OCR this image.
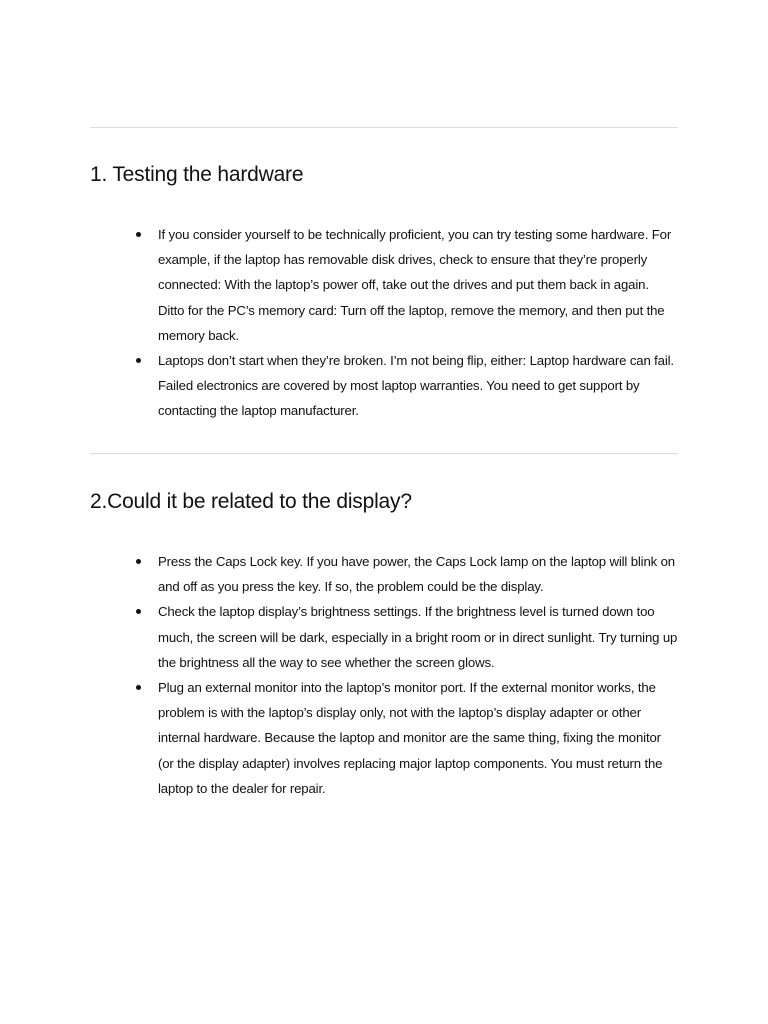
1. Testing the hardware
If you consider yourself to be technically proficient, you can try testing some hardware. For example, if the laptop has removable disk drives, check to ensure that they’re properly connected: With the laptop’s power off, take out the drives and put them back in again. Ditto for the PC’s memory card: Turn off the laptop, remove the memory, and then put the memory back.
Laptops don’t start when they’re broken. I’m not being flip, either: Laptop hardware can fail. Failed electronics are covered by most laptop warranties. You need to get support by contacting the laptop manufacturer.
2.Could it be related to the display?
Press the Caps Lock key. If you have power, the Caps Lock lamp on the laptop will blink on and off as you press the key. If so, the problem could be the display.
Check the laptop display’s brightness settings. If the brightness level is turned down too much, the screen will be dark, especially in a bright room or in direct sunlight. Try turning up the brightness all the way to see whether the screen glows.
Plug an external monitor into the laptop’s monitor port. If the external monitor works, the problem is with the laptop’s display only, not with the laptop’s display adapter or other internal hardware. Because the laptop and monitor are the same thing, fixing the monitor (or the display adapter) involves replacing major laptop components. You must return the laptop to the dealer for repair.
